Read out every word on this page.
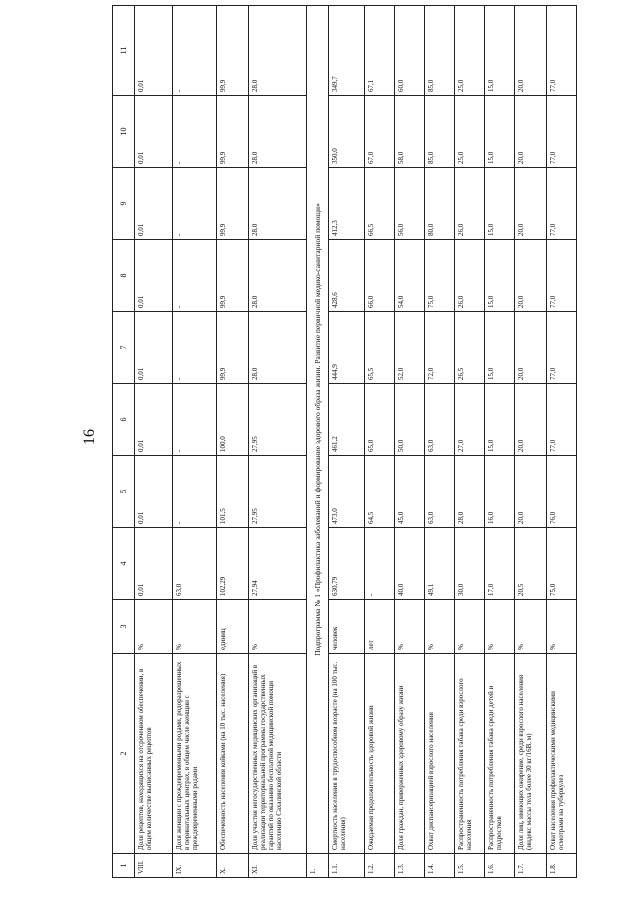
16
1	2	3	4	5	6	7	8	9	10	11
VIII.	Доля рецептов, находящихся на отсроченном обеспечении, в общем количестве выписанных рецептов	%	0,01	0,01	0,01	0,01	0,01	0,01	0,01	0,01
IX.	Доля женщин с преждевременными родами, родоразрешенных в перинатальных центрах, в общем числе женщин с преждевременными родами	%	63,0	-	-	-	-	-	-	-
X.	Обеспеченность населения койками (на 10 тыс. населения)	единиц	102,29	101,5	100,0	99,9	99,9	99,9	99,9	99,9
XI.	Доля участия негосударственных медицинских организаций в реализации территориальной программы государственных гарантий по оказанию бесплатной медицинской помощи населению Сахалинской области	%	27,94	27,95	27,95	28,0	28,0	28,0	28,0	28,0
1.	Подпрограмма № 1 «Профилактика заболеваний и формирование здорового образа жизни. Развитие первичной медико-санитарной помощи»									
1.1.	Смертность населения в трудоспособном возрасте (на 100 тыс. населения)	человек	630,79	473,0	461,2	444,9	428,6	412,3	350,0	349,7
1.2.	Ожидаемая продолжительность здоровой жизни	лет	-	64,5	65,0	65,5	66,0	66,5	67,0	67,1
1.3.	Доля граждан, приверженных здоровому образу жизни	%	40,0	45,0	50,0	52,0	54,0	56,0	58,0	60,0
1.4.	Охват диспансеризацией взрослого населения	%	49,1	63,0	63,0	72,0	75,0	80,0	85,0	85,0
1.5.	Распространенность потребления табака среди взрослого населения	%	30,0	28,0	27,0	26,5	26,0	26,0	25,0	25,0
1.6.	Распространенность потребления табака среди детей и подростков	%	17,0	16,0	15,0	15,0	15,0	15,0	15,0	15,0
1.7.	Доля лиц, имеющих ожирение, среди взрослого населения (индекс массы тела более 30 кг/16В, м)	%	20,5	20,0	20,0	20,0	20,0	20,0	20,0	20,0
1.8.	Охват населения профилактическими медицинскими осмотрами на туберкулез	%	75,0	76,0	77,0	77,0	77,0	77,0	77,0	77,0
